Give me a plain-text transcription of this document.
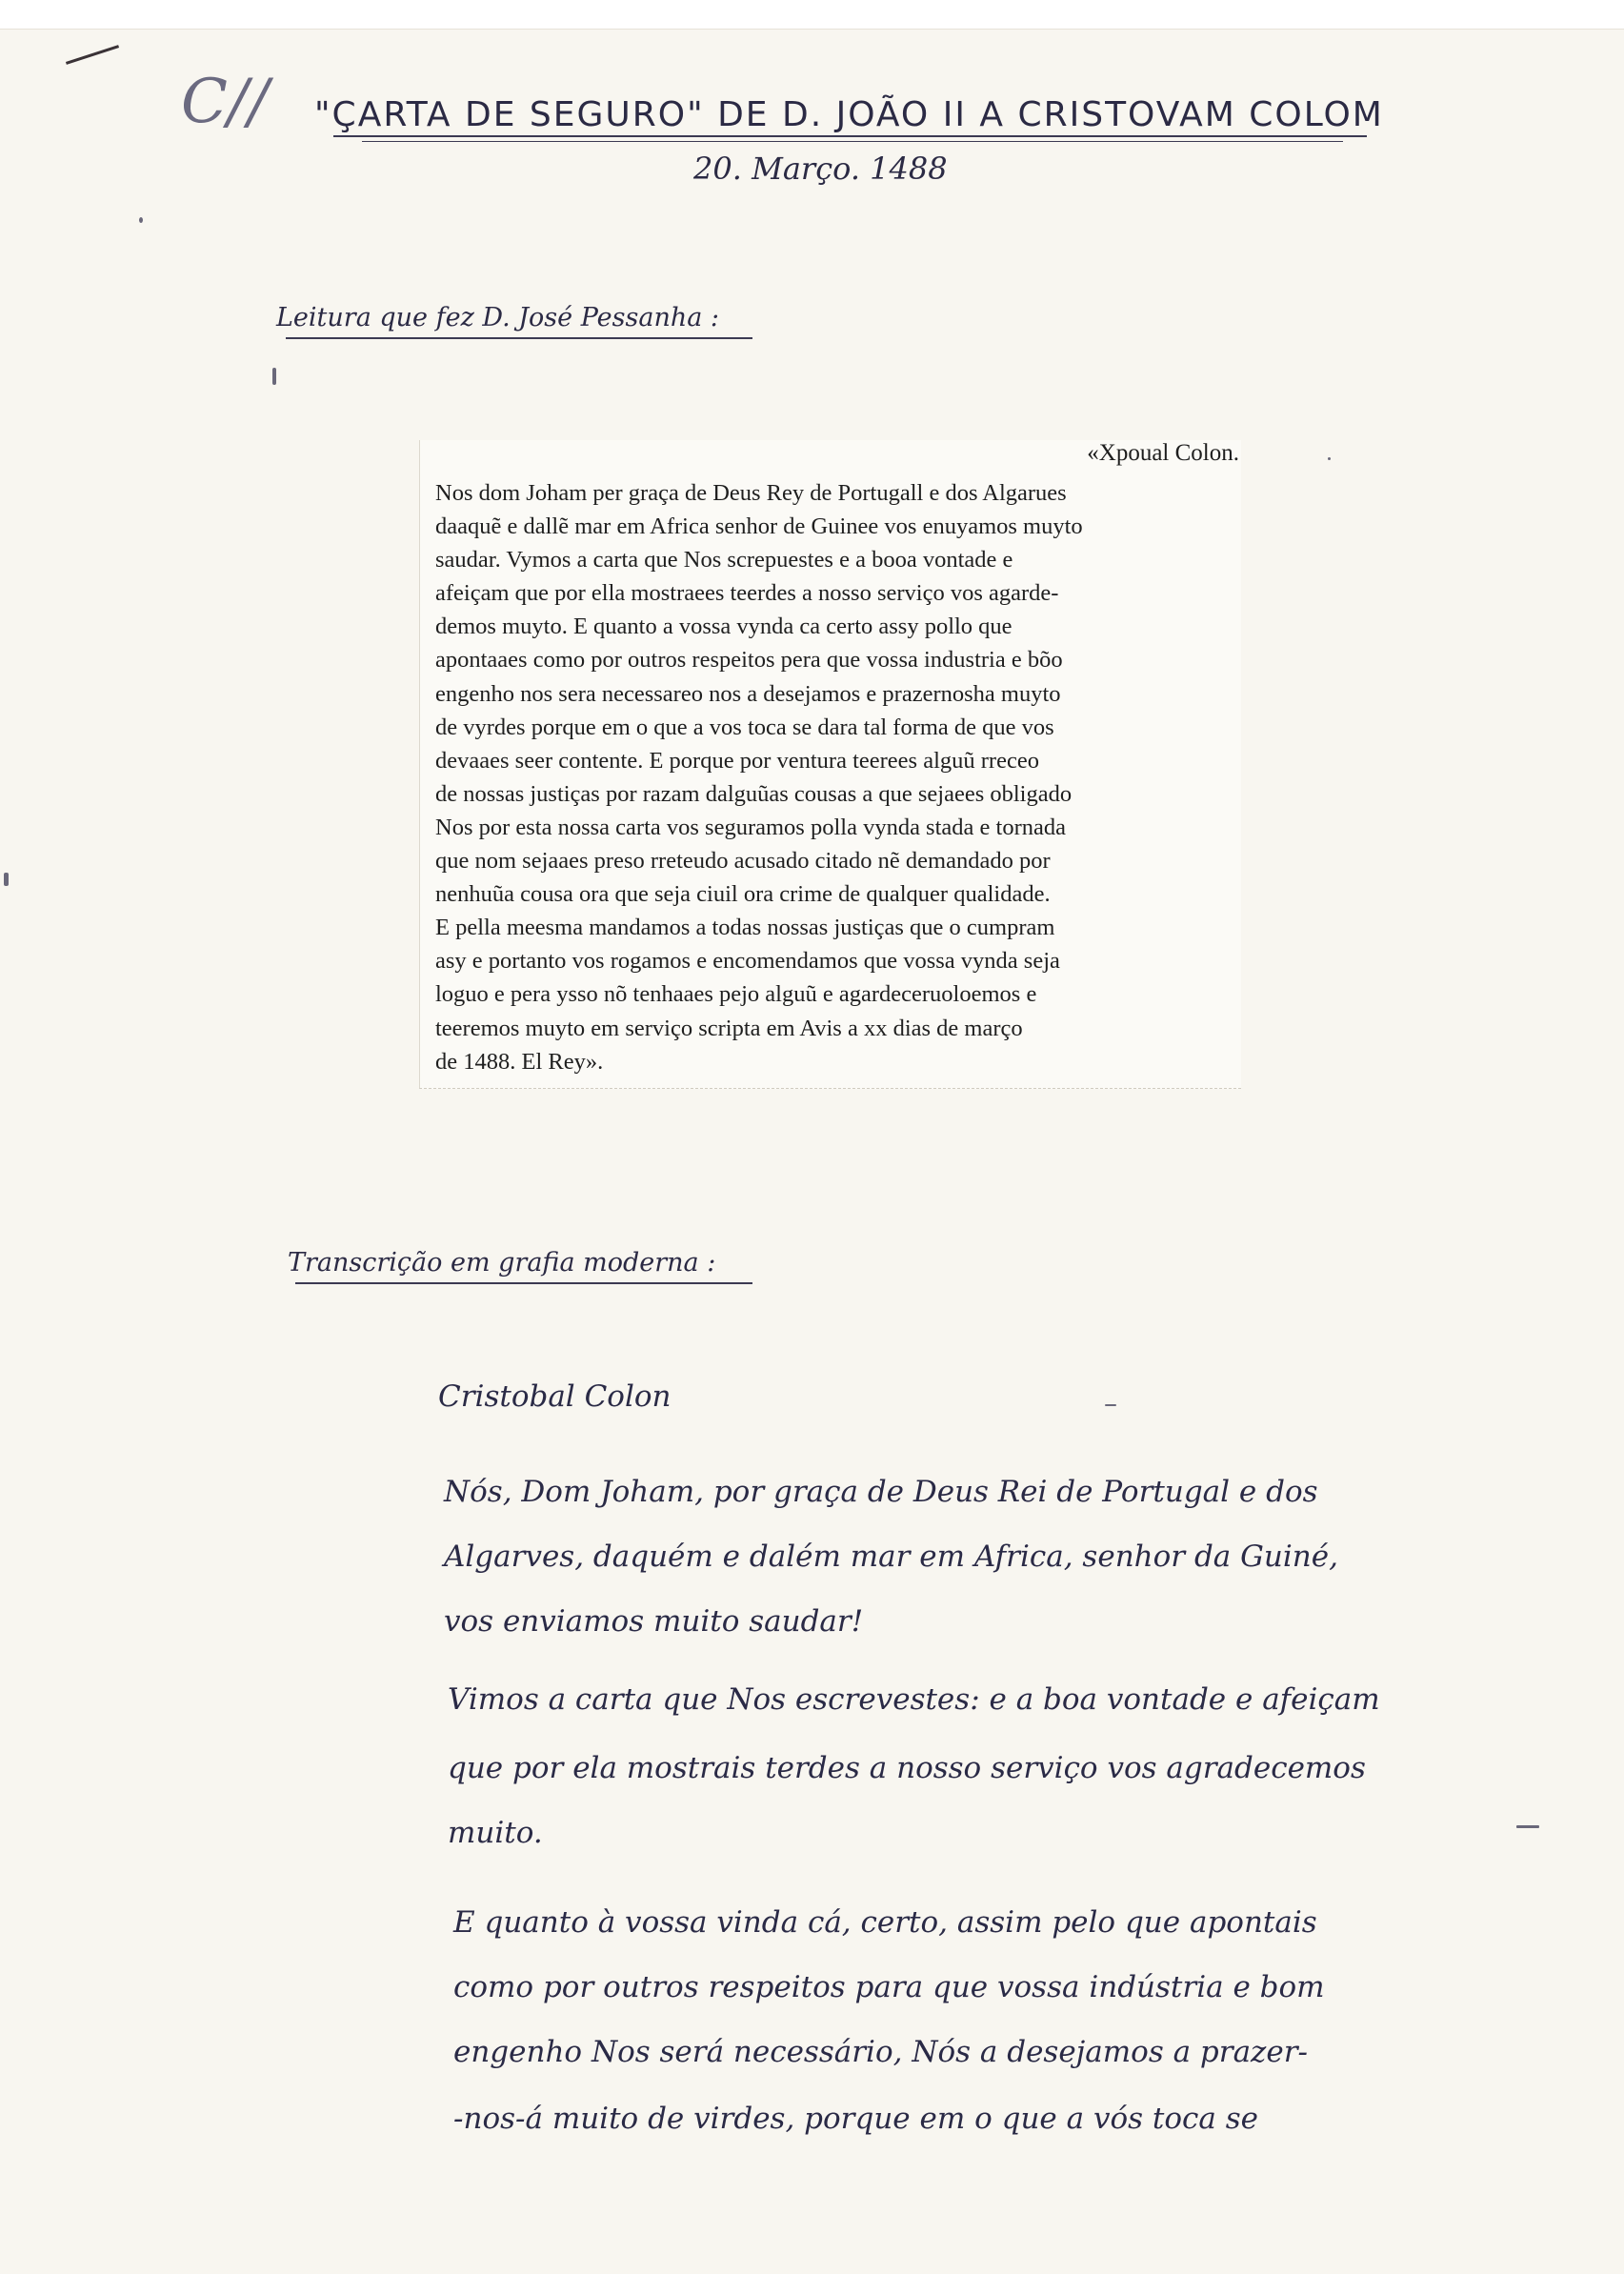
C// "ÇARTA DE SEGURO" DE D. JOÃO II A CRISTOVAM COLOM
20. Março. 1488
Leitura que fez D. José Pessanha :
«Xpoual Colon.
Nos dom Joham per graça de Deus Rey de Portugall e dos Algarues
daaquẽ e dallẽ mar em Africa senhor de Guinee vos enuyamos muyto
saudar. Vymos a carta que Nos screpuestes e a booa vontade e
afeiçam que por ella mostraees teerdes a nosso serviço vos agarde-
demos muyto. E quanto a vossa vynda ca certo assy pollo que
apontaaes como por outros respeitos pera que vossa industria e bõo
engenho nos sera necessareo nos a desejamos e prazernosha muyto
de vyrdes porque em o que a vos toca se dara tal forma de que vos
devaaes seer contente. E porque por ventura teerees alguũ rreceo
de nossas justiças por razam dalguũas cousas a que sejaees obligado
Nos por esta nossa carta vos seguramos polla vynda stada e tornada
que nom sejaaes preso rreteudo acusado citado nẽ demandado por
nenhuũa cousa ora que seja ciuil ora crime de qualquer qualidade.
E pella meesma mandamos a todas nossas justiças que o cumpram
asy e portanto vos rogamos e encomendamos que vossa vynda seja
loguo e pera ysso nõ tenhaaes pejo alguũ e agardeceruoloemos e
teeremos muyto em serviço scripta em Avis a xx dias de março
de 1488. El Rey».
Transcrição em grafia moderna :
Cristobal Colon
Nós, Dom Joham, por graça de Deus Rei de Portugal e dos
Algarves, daquém e dalém mar em Africa, senhor da Guiné,
vos enviamos muito saudar!
Vimos a carta que Nos escrevestes: e a boa vontade e afeiçam
que por ela mostrais terdes a nosso serviço vos agradecemos
muito.
E quanto à vossa vinda cá, certo, assim pelo que apontais
como por outros respeitos para que vossa indústria e bom
engenho Nos será necessário, Nós a desejamos a prazer-
-nos-á muito de virdes, porque em o que a vós toca se
